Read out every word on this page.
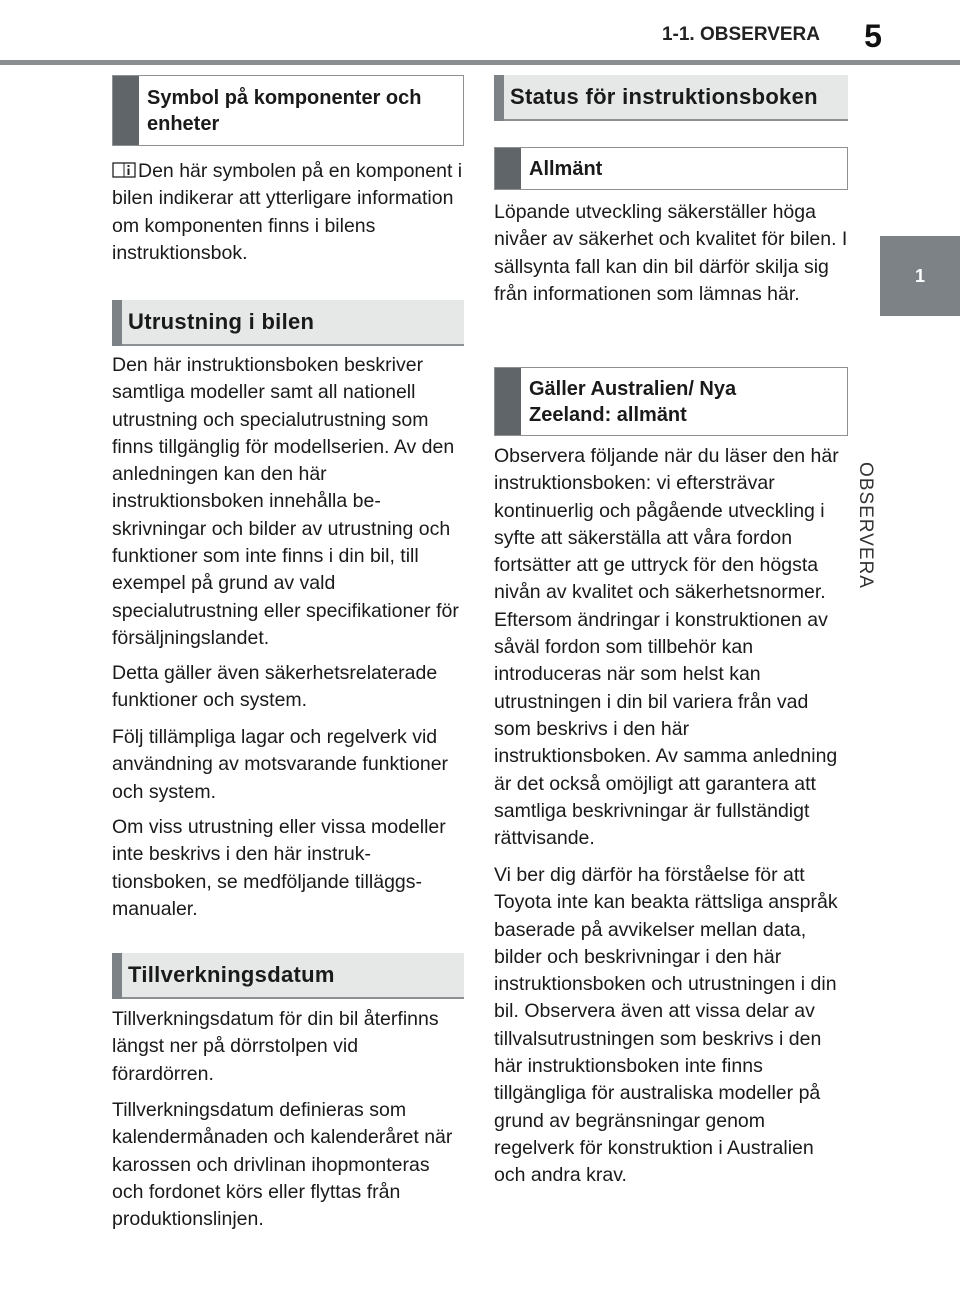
1-1. OBSERVERA	5
1
OBSERVERA
Symbol på komponenter och enheter

Den här symbolen på en komponent i bilen indikerar att ytterligare information om komponenten finns i bilens instruktionsbok.

Utrustning i bilen

Den här instruktionsboken beskriver samtliga modeller samt all nationell utrustning och specialutrustning som finns tillgänglig för modellserien. Av den anledningen kan den här instruktionsboken innehålla beskrivningar och bilder av utrustning och funktioner som inte finns i din bil, till exempel på grund av vald specialutrustning eller specifikationer för försäljningslandet.

Detta gäller även säkerhetsrelaterade funktioner och system.

Följ tillämpliga lagar och regelverk vid användning av motsvarande funktioner och system.

Om viss utrustning eller vissa modeller inte beskrivs i den här instruktionsboken, se medföljande tilläggsmanualer.

Tillverkningsdatum

Tillverkningsdatum för din bil återfinns längst ner på dörrstolpen vid förardörren.

Tillverkningsdatum definieras som kalendermånaden och kalenderåret när karossen och drivlinan ihopmonteras och fordonet körs eller flyttas från produktionslinjen.

Status för instruktionsboken
Allmänt

Löpande utveckling säkerställer höga nivåer av säkerhet och kvalitet för bilen. I sällsynta fall kan din bil därför skilja sig från informationen som lämnas här.

Gäller Australien/ Nya Zeeland: allmänt

Observera följande när du läser den här instruktionsboken: vi eftersträvar kontinuerlig och pågående utveckling i syfte att säkerställa att våra fordon fortsätter att ge uttryck för den högsta nivån av kvalitet och säkerhetsnormer. Eftersom ändringar i konstruktionen av såväl fordon som tillbehör kan introduceras när som helst kan utrustningen i din bil variera från vad som beskrivs i den här instruktionsboken. Av samma anledning är det också omöjligt att garantera att samtliga beskrivningar är fullständigt rättvisande.

Vi ber dig därför ha förståelse för att Toyota inte kan beakta rättsliga anspråk baserade på avvikelser mellan data, bilder och beskrivningar i den här instruktionsboken och utrustningen i din bil. Observera även att vissa delar av tillvalsutrustningen som beskrivs i den här instruktionsboken inte finns tillgängliga för australiska modeller på grund av begränsningar genom regelverk för konstruktion i Australien och andra krav.
